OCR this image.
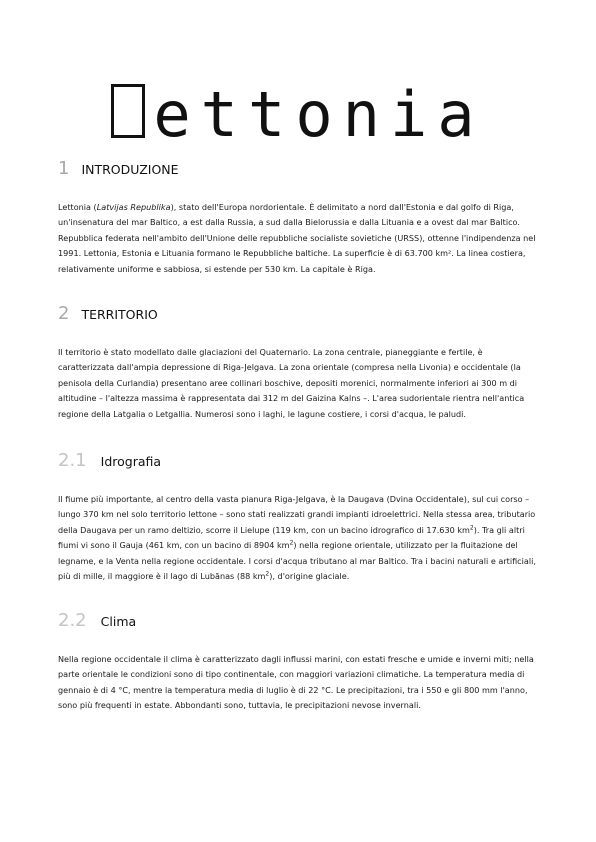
ettonia
1 INTRODUZIONE
Lettonia (Latvijas Republika), stato dell'Europa nordorientale. È delimitato a nord dall'Estonia e dal golfo di Riga, un'insenatura del mar Baltico, a est dalla Russia, a sud dalla Bielorussia e dalla Lituania e a ovest dal mar Baltico. Repubblica federata nell'ambito dell'Unione delle repubbliche socialiste sovietiche (URSS), ottenne l'indipendenza nel 1991. Lettonia, Estonia e Lituania formano le Repubbliche baltiche. La superficie è di 63.700 km². La linea costiera, relativamente uniforme e sabbiosa, si estende per 530 km. La capitale è Riga.
2 TERRITORIO
Il territorio è stato modellato dalle glaciazioni del Quaternario. La zona centrale, pianeggiante e fertile, è caratterizzata dall'ampia depressione di Riga-Jelgava. La zona orientale (compresa nella Livonia) e occidentale (la penisola della Curlandia) presentano aree collinari boschive, depositi morenici, normalmente inferiori ai 300 m di altitudine – l'altezza massima è rappresentata dai 312 m del Gaizina Kalns –. L'area sudorientale rientra nell'antica regione della Latgalia o Letgallia. Numerosi sono i laghi, le lagune costiere, i corsi d'acqua, le paludi.
2.1 Idrografia
Il fiume più importante, al centro della vasta pianura Riga-Jelgava, è la Daugava (Dvina Occidentale), sul cui corso – lungo 370 km nel solo territorio lettone – sono stati realizzati grandi impianti idroelettrici. Nella stessa area, tributario della Daugava per un ramo deltizio, scorre il Lielupe (119 km, con un bacino idrografico di 17.630 $km^2$). Tra gli altri fiumi vi sono il Gauja (461 km, con un bacino di 8904 $km^2$) nella regione orientale, utilizzato per la fluitazione del legname, e la Venta nella regione occidentale. I corsi d'acqua tributano al mar Baltico. Tra i bacini naturali e artificiali, più di mille, il maggiore è il lago di Lubānas (88 $km^2$), d'origine glaciale.
2.2 Clima
Nella regione occidentale il clima è caratterizzato dagli influssi marini, con estati fresche e umide e inverni miti; nella parte orientale le condizioni sono di tipo continentale, con maggiori variazioni climatiche. La temperatura media di gennaio è di 4 °C, mentre la temperatura media di luglio è di 22 °C. Le precipitazioni, tra i 550 e gli 800 mm l'anno, sono più frequenti in estate. Abbondanti sono, tuttavia, le precipitazioni nevose invernali.
